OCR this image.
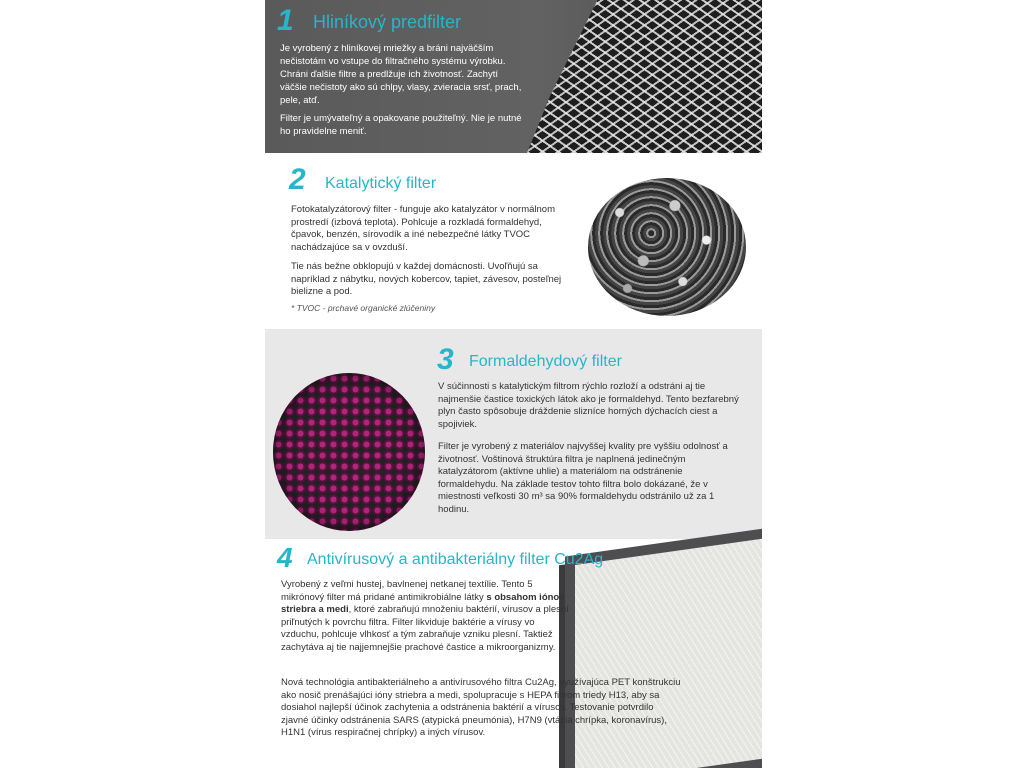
1 Hliníkový predfilter
Je vyrobený z hliníkovej mriežky a bráni najväčším nečistotám vo vstupe do filtračného systému výrobku. Chráni ďalšie filtre a predlžuje ich životnosť. Zachytí väčšie nečistoty ako sú chlpy, vlasy, zvieracia srsť, prach, pele, atď.
Filter je umývateľný a opakovane použiteľný. Nie je nutné ho pravidelne meniť.
2 Katalytický filter
Fotokatalyzátorový filter - funguje ako katalyzátor v normálnom prostredí (izbová teplota). Pohlcuje a rozkladá formaldehyd, čpavok, benzén, sírovodík a iné nebezpečné látky TVOC nachádzajúce sa v ovzduší.
Tie nás bežne obklopujú v každej domácnosti. Uvoľňujú sa napríklad z nábytku, nových kobercov, tapiet, závesov, posteľnej bielizne a pod.
* TVOC - prchavé organické zlúčeniny
3 Formaldehydový filter
V súčinnosti s katalytickým filtrom rýchlo rozloží a odstráni aj tie najmenšie častice toxických látok ako je formaldehyd. Tento bezfarebný plyn často spôsobuje dráždenie slizníce horných dýchacích ciest a spojiviek.
Filter je vyrobený z materiálov najvyššej kvality pre vyššiu odolnosť a životnosť. Voštinová štruktúra filtra je naplnená jedinečným katalyzátorom (aktívne uhlie) a materiálom na odstránenie formaldehydu. Na základe testov tohto filtra bolo dokázané, že v miestnosti veľkosti 30 m³ sa 90% formaldehydu odstránilo už za 1 hodinu.
4 Antivírusový a antibakteriálny filter Cu2Ag
Vyrobený z veľmi hustej, bavlnenej netkanej textílie. Tento 5 mikrónový filter má pridané antimikrobiálne látky s obsahom iónov striebra a medi, ktoré zabraňujú množeniu baktérií, vírusov a plesní priľnutých k povrchu filtra. Filter likviduje baktérie a vírusy vo vzduchu, pohlcuje vlhkosť a tým zabraňuje vzniku plesní. Taktiež zachytáva aj tie najjemnejšie prachové častice a mikroorganizmy.
Nová technológia antibakteriálneho a antivírusového filtra Cu2Ag, využívajúca PET konštrukciu ako nosič prenášajúci ióny striebra a medi, spolupracuje s HEPA filtrom triedy H13, aby sa dosiahol najlepší účinok zachytenia a odstránenia baktérií a vírusov. Testovanie potvrdilo zjavné účinky odstránenia SARS (atypická pneumónia), H7N9 (vtáčia chrípka, koronavírus), H1N1 (vírus respiračnej chrípky) a iných vírusov.
